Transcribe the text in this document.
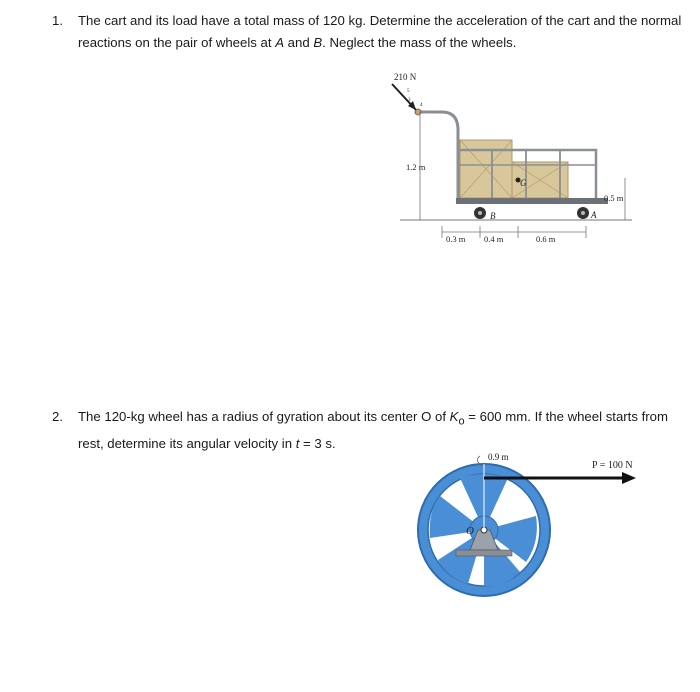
1. The cart and its load have a total mass of 120 kg. Determine the acceleration of the cart and the normal reactions on the pair of wheels at A and B. Neglect the mass of the wheels.
210 N
5
3
4
1.2 m
G
B	A
0.5 m
0.3 m 0.4 m	0.6 m
2. The 120-kg wheel has a radius of gyration about its center O of $K_o = 600$ mm. If the wheel starts from rest, determine its angular velocity in t = 3 s.
O
0.9 m
P = 100 N
